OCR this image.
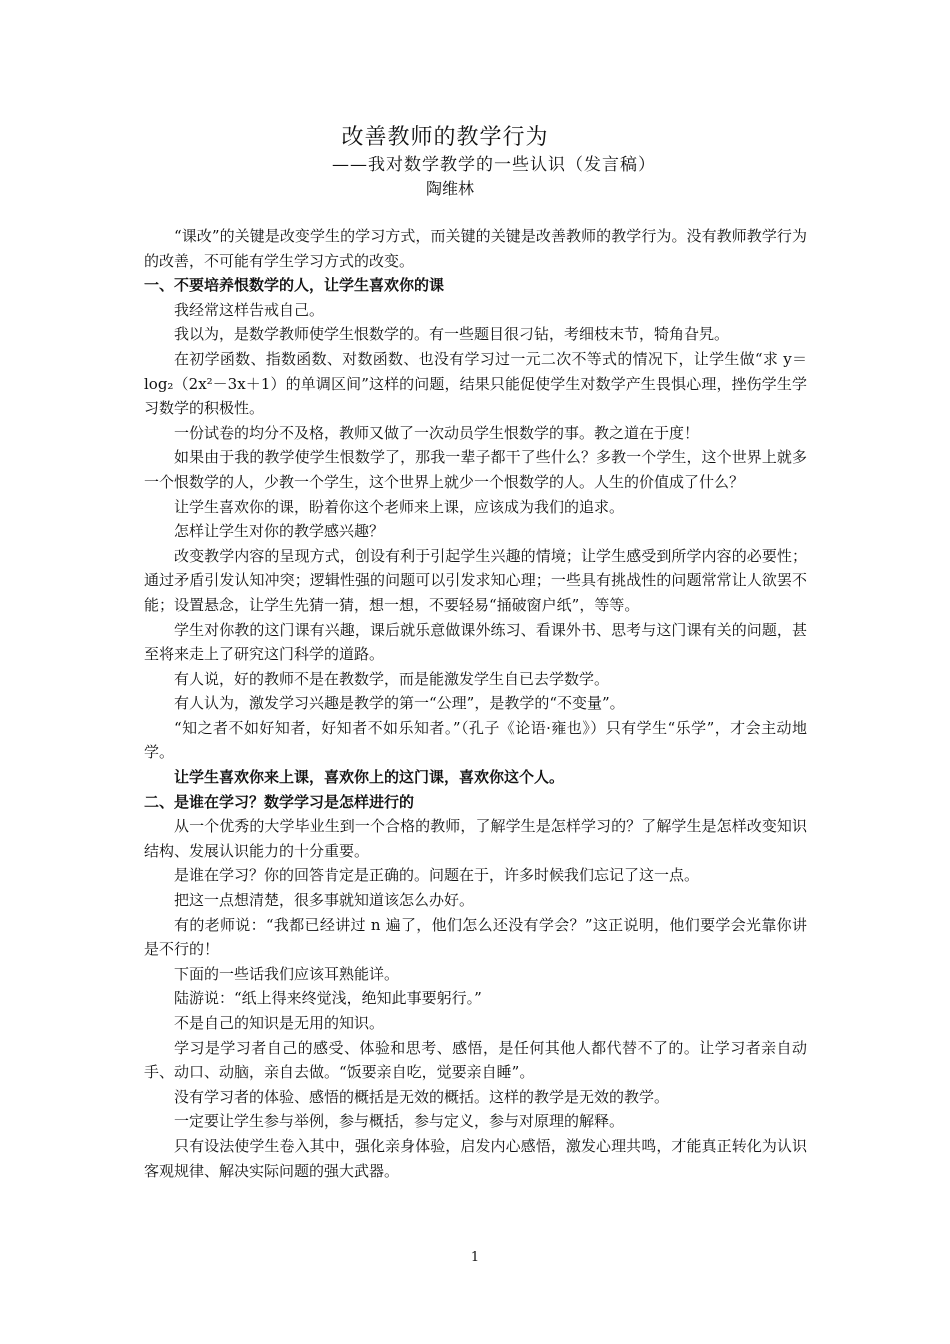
改善教师的教学行为
——我对数学教学的一些认识（发言稿）
陶维林

“课改”的关键是改变学生的学习方式，而关键的关键是改善教师的教学行为。没有教师教学行为的改善，不可能有学生学习方式的改变。

一、不要培养恨数学的人，让学生喜欢你的课

我经常这样告戒自己。

我以为，是数学教师使学生恨数学的。有一些题目很刁钻，考细枝末节，犄角旮旯。

在初学函数、指数函数、对数函数、也没有学习过一元二次不等式的情况下，让学生做“求 y＝log₂（2x²－3x＋1）的单调区间”这样的问题，结果只能促使学生对数学产生畏惧心理，挫伤学生学习数学的积极性。

一份试卷的均分不及格，教师又做了一次动员学生恨数学的事。教之道在于度！

如果由于我的教学使学生恨数学了，那我一辈子都干了些什么？多教一个学生，这个世界上就多一个恨数学的人，少教一个学生，这个世界上就少一个恨数学的人。人生的价值成了什么？

让学生喜欢你的课，盼着你这个老师来上课，应该成为我们的追求。

怎样让学生对你的教学感兴趣？

改变教学内容的呈现方式，创设有利于引起学生兴趣的情境；让学生感受到所学内容的必要性；通过矛盾引发认知冲突；逻辑性强的问题可以引发求知心理；一些具有挑战性的问题常常让人欲罢不能；设置悬念，让学生先猜一猜，想一想，不要轻易“捅破窗户纸”，等等。

学生对你教的这门课有兴趣，课后就乐意做课外练习、看课外书、思考与这门课有关的问题，甚至将来走上了研究这门科学的道路。

有人说，好的教师不是在教数学，而是能激发学生自已去学数学。

有人认为，激发学习兴趣是教学的第一“公理”，是教学的“不变量”。

“知之者不如好知者，好知者不如乐知者。”（孔子《论语·雍也》）只有学生“乐学”，才会主动地学。

让学生喜欢你来上课，喜欢你上的这门课，喜欢你这个人。

二、是谁在学习？数学学习是怎样进行的

从一个优秀的大学毕业生到一个合格的教师，了解学生是怎样学习的？了解学生是怎样改变知识结构、发展认识能力的十分重要。

是谁在学习？你的回答肯定是正确的。问题在于，许多时候我们忘记了这一点。

把这一点想清楚，很多事就知道该怎么办好。

有的老师说：“我都已经讲过 n 遍了，他们怎么还没有学会？”这正说明，他们要学会光靠你讲是不行的！

下面的一些话我们应该耳熟能详。

陆游说：“纸上得来终觉浅，绝知此事要躬行。”

不是自己的知识是无用的知识。

学习是学习者自己的感受、体验和思考、感悟，是任何其他人都代替不了的。让学习者亲自动手、动口、动脑，亲自去做。“饭要亲自吃，觉要亲自睡”。

没有学习者的体验、感悟的概括是无效的概括。这样的教学是无效的教学。

一定要让学生参与举例，参与概括，参与定义，参与对原理的解释。

只有设法使学生卷入其中，强化亲身体验，启发内心感悟，激发心理共鸣，才能真正转化为认识客观规律、解决实际问题的强大武器。

1
